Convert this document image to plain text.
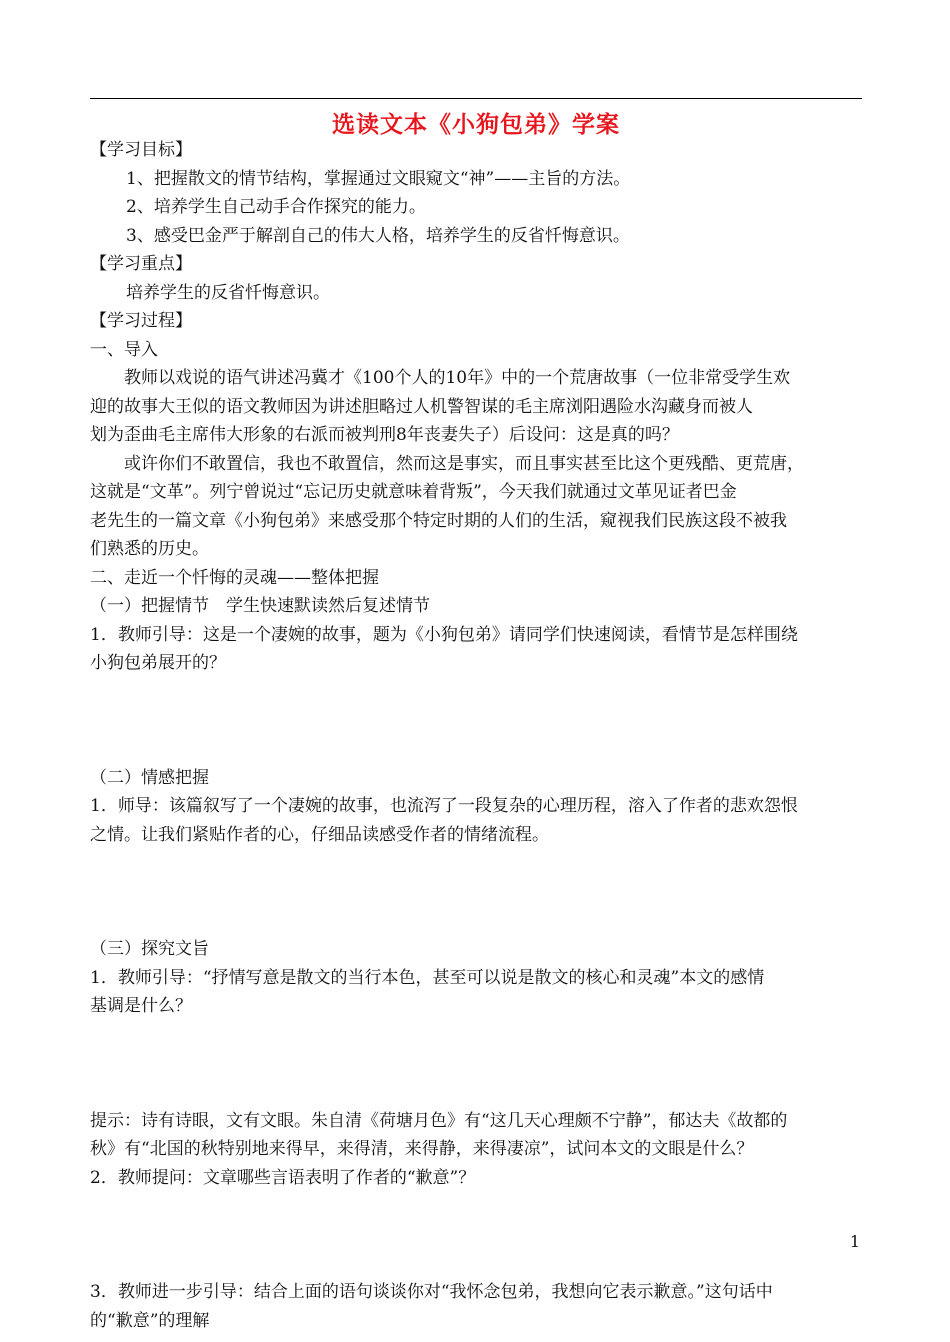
选读文本《小狗包弟》学案
【学习目标】
1、把握散文的情节结构，掌握通过文眼窥文“神”——主旨的方法。
2、培养学生自己动手合作探究的能力。
3、感受巴金严于解剖自己的伟大人格，培养学生的反省忏悔意识。
【学习重点】
培养学生的反省忏悔意识。
【学习过程】
一、导入
　　教师以戏说的语气讲述冯冀才《100个人的10年》中的一个荒唐故事（一位非常受学生欢
迎的故事大王似的语文教师因为讲述胆略过人机警智谋的毛主席浏阳遇险水沟藏身而被人
划为歪曲毛主席伟大形象的右派而被判刑8年丧妻失子）后设问：这是真的吗？
　　或许你们不敢置信，我也不敢置信，然而这是事实，而且事实甚至比这个更残酷、更荒唐，
这就是“文革”。列宁曾说过“忘记历史就意味着背叛”，今天我们就通过文革见证者巴金
老先生的一篇文章《小狗包弟》来感受那个特定时期的人们的生活，窥视我们民族这段不被我
们熟悉的历史。
二、走近一个忏悔的灵魂——整体把握
（一）把握情节　学生快速默读然后复述情节
1．教师引导：这是一个凄婉的故事，题为《小狗包弟》请同学们快速阅读，看情节是怎样围绕
小狗包弟展开的？
（二）情感把握
1．师导：该篇叙写了一个凄婉的故事，也流泻了一段复杂的心理历程，溶入了作者的悲欢怨恨
之情。让我们紧贴作者的心，仔细品读感受作者的情绪流程。
（三）探究文旨
1．教师引导：“抒情写意是散文的当行本色，甚至可以说是散文的核心和灵魂”本文的感情
基调是什么？
提示：诗有诗眼，文有文眼。朱自清《荷塘月色》有“这几天心理颇不宁静”，郁达夫《故都的
秋》有“北国的秋特别地来得早，来得清，来得静，来得凄凉”，试问本文的文眼是什么？
2．教师提问：文章哪些言语表明了作者的“歉意”？
3．教师进一步引导：结合上面的语句谈谈你对“我怀念包弟，我想向它表示歉意。”这句话中
的“歉意”的理解
1
